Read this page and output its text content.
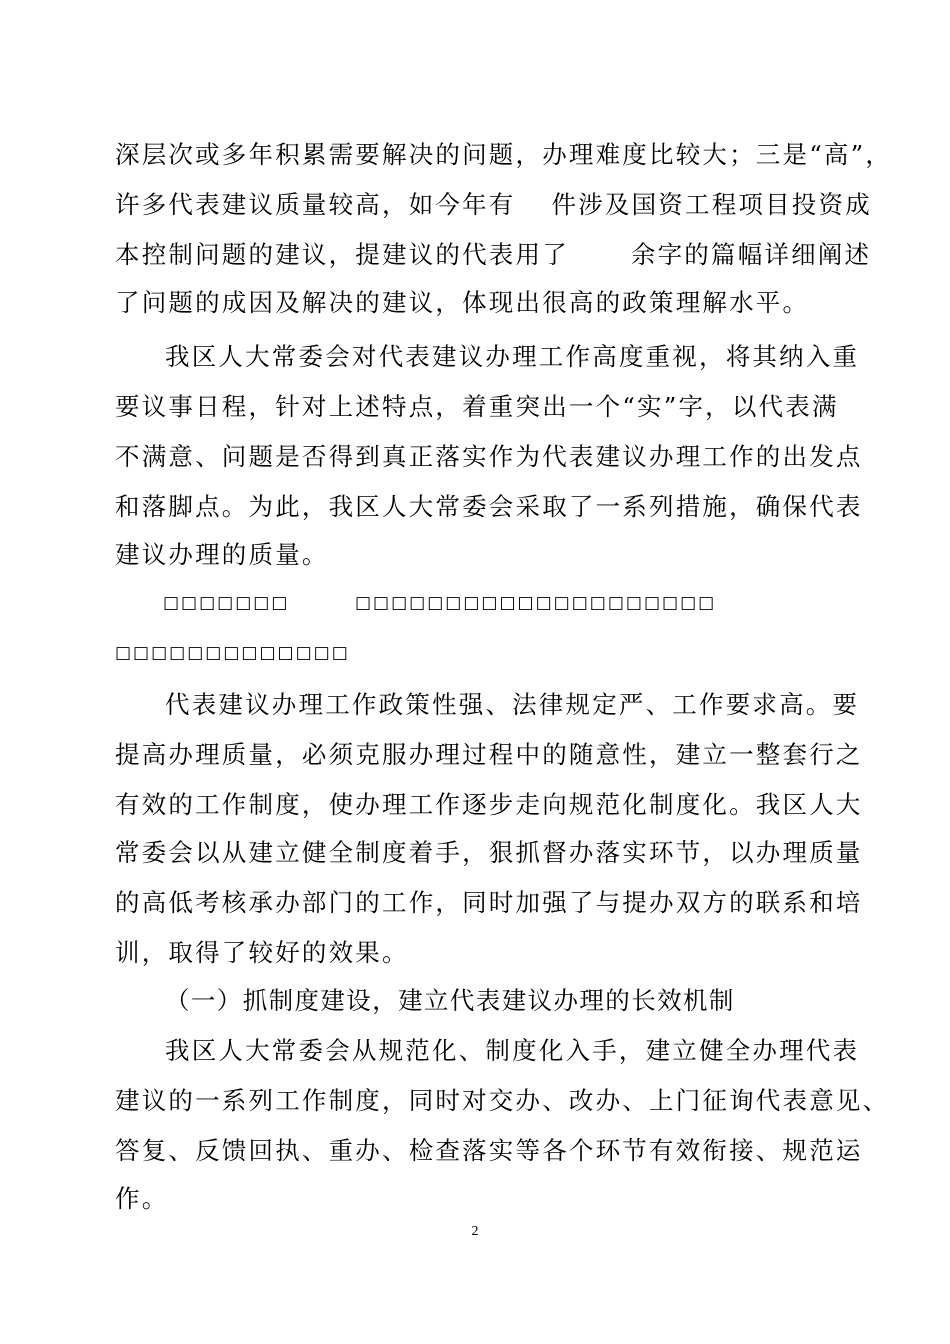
深层次或多年积累需要解决的问题，办理难度比较大；三是“高”，
许多代表建议质量较高，如今年有 件涉及国资工程项目投资成
本控制问题的建议，提建议的代表用了	余字的篇幅详细阐述
了问题的成因及解决的建议，体现出很高的政策理解水平。
我区人大常委会对代表建议办理工作高度重视，将其纳入重
要议事日程，针对上述特点，着重突出一个“实”字，以代表满
不满意、问题是否得到真正落实作为代表建议办理工作的出发点
和落脚点。为此，我区人大常委会采取了一系列措施，确保代表
建议办理的质量。
□□□□□□□	□□□□□□□□□□□□□□□□□□□□
□□□□□□□□□□□□□
代表建议办理工作政策性强、法律规定严、工作要求高。要
提高办理质量，必须克服办理过程中的随意性，建立一整套行之
有效的工作制度，使办理工作逐步走向规范化制度化。我区人大
常委会以从建立健全制度着手，狠抓督办落实环节，以办理质量
的高低考核承办部门的工作，同时加强了与提办双方的联系和培
训，取得了较好的效果。
（一）抓制度建设，建立代表建议办理的长效机制
我区人大常委会从规范化、制度化入手，建立健全办理代表
建议的一系列工作制度，同时对交办、改办、上门征询代表意见、
答复、反馈回执、重办、检查落实等各个环节有效衔接、规范运
作。
2
